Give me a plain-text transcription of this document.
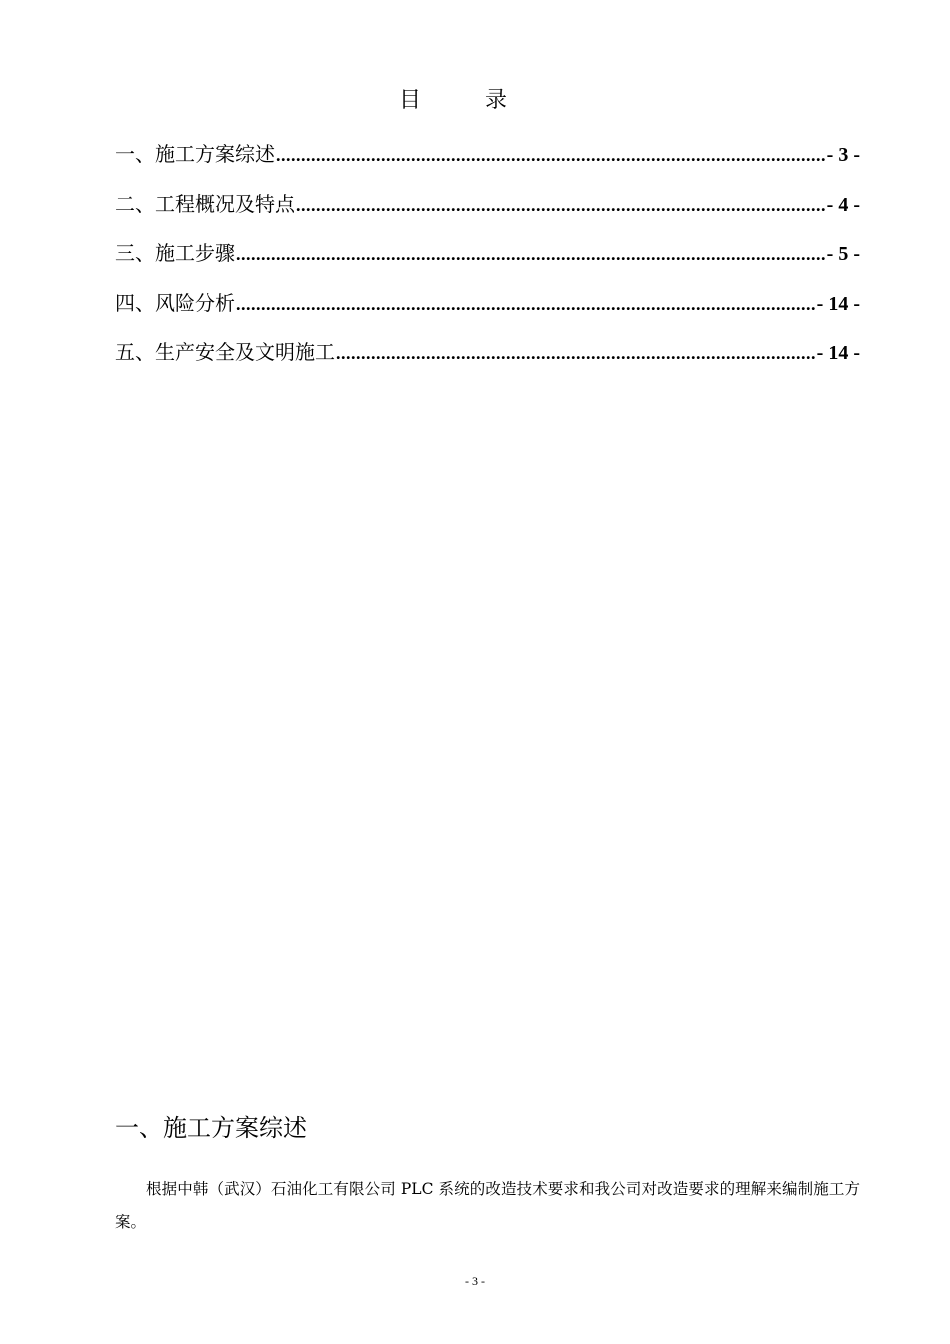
目录
一、施工方案综述 .....	- 3 -
二、工程概况及特点 .....	- 4 -
三、施工步骤 .....	- 5 -
四、风险分析 .....	- 14 -
五、生产安全及文明施工 .....	- 14 -
一、施工方案综述

根据中韩（武汉）石油化工有限公司 PLC 系统的改造技术要求和我公司对改造要求的理解来编制施工方案。

- 3 -
